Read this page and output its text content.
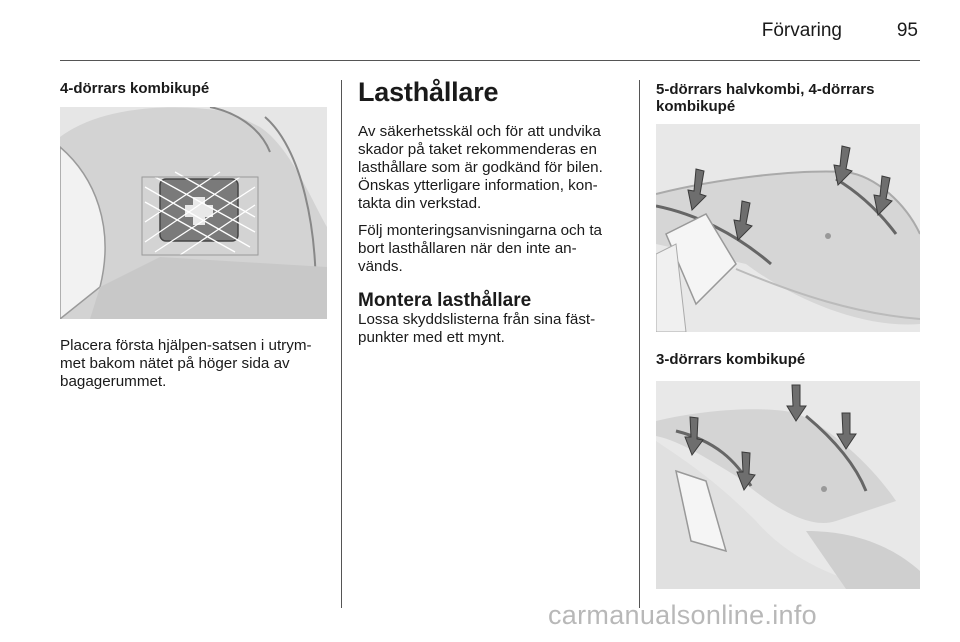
Förvaring	95

4-dörrars kombikupé

Placera första hjälpen-satsen i utrym-
met bakom nätet på höger sida av
bagagerummet.

Lasthållare

Av säkerhetsskäl och för att undvika
skador på taket rekommenderas en
lasthållare som är godkänd för bilen.
Önskas ytterligare information, kon-
takta din verkstad.

Följ monteringsanvisningarna och ta
bort lasthållaren när den inte an-
vänds.

Montera lasthållare

Lossa skyddslisterna från sina fäst-
punkter med ett mynt.

5-dörrars halvkombi, 4-dörrars
kombikupé

3-dörrars kombikupé

carmanualsonline.info
